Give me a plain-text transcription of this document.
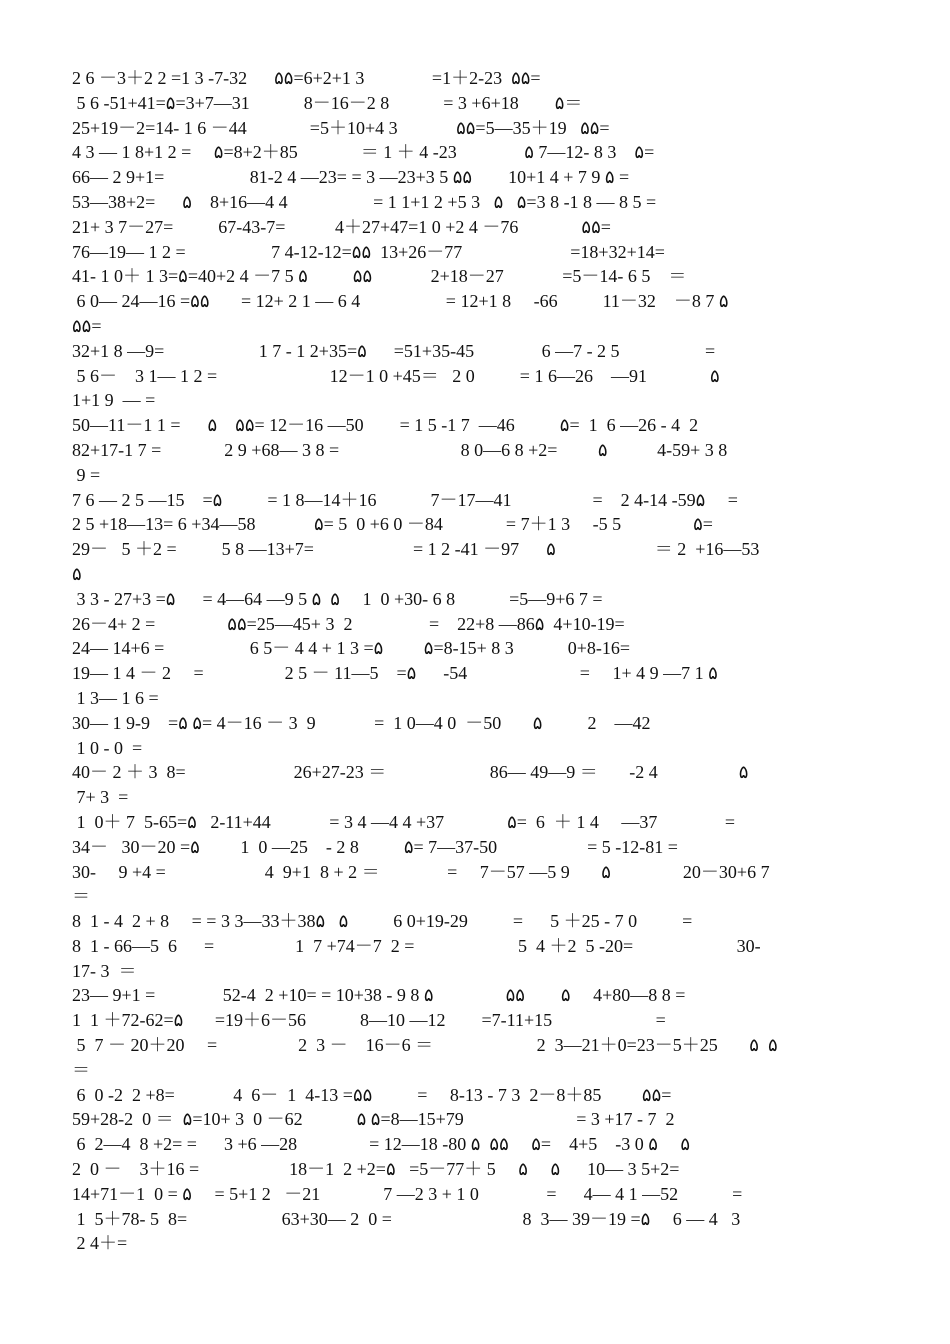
2 6 －3＋2 2 =1 3 -7-32      ۵۵=6+2+1 3               =1＋2-23  ۵۵=
5 6 -51+41=۵=3+7—31            8－16－2 8            = 3 +6+18        ۵＝
25+19－2=14- 1 6 －44              =5＋10+4 3             ۵۵=5—35＋19   ۵۵=
4 3 — 1 8+1 2 =     ۵=8+2＋85              ＝ 1 ＋ 4 -23               ۵ 7—12- 8 3    ۵=
66— 2 9+1=                   81-2 4 —23= = 3 —23+3 5 ۵۵        10+1 4 + 7 9 ۵ =
53—38+2=      ۵    8+16—4 4                   = 1 1+1 2 +5 3   ۵   ۵=3 8 -1 8 — 8 5 =
21+ 3 7－27=          67-43-7=           4＋27+47=1 0 +2 4 －76              ۵۵=
76—19— 1 2 =                   7 4-12-12=۵۵  13+26－77                        =18+32+14=
41- 1 0＋ 1 3=۵=40+2 4 －7 5 ۵          ۵۵             2+18－27             =5－14- 6 5    ＝
6 0— 24—16 =۵۵       = 12+ 2 1 — 6 4                   = 12+1 8     -66          11－32    －8 7 ۵
۵۵=
32+1 8 —9=                     1 7 - 1 2+35=۵      =51+35-45               6 —7 - 2 5                   =
5 6－    3 1— 1 2 =                         12－1 0 +45＝   2 0          = 1 6—26    —91              ۵
1+1 9  — =
50—11－1 1 =      ۵    ۵۵= 12－16 —50        = 1 5 -1 7  —46          ۵=  1  6 —26 - 4  2
82+17-1 7 =              2 9 +68— 3 8 =                           8 0—6 8 +2=         ۵           4-59+ 3 8
9 =
7 6 — 2 5 —15    =۵          = 1 8—14＋16            7－17—41                  =    2 4-14 -59۵     =
2 5 +18—13= 6 +34—58             ۵= 5  0 +6 0 －84              = 7＋1 3     -5 5                ۵=
29－   5 ＋2 =          5 8 —13+7=                      = 1 2 -41 －97      ۵                      ＝ 2  +16—53
۵
3 3 - 27+3 =۵      = 4—64 —9 5 ۵  ۵     1  0 +30- 6 8            =5—9+6 7 =
26－4+ 2 =                ۵۵=25—45+ 3  2                 =    22+8 —86۵  4+10-19=
24— 14+6 =                   6 5－ 4 4 + 1 3 =۵         ۵=8-15+ 8 3            0+8-16=
19— 1 4 － 2     =                  2 5 － 11—5    =۵      -54                         =     1+ 4 9 —7 1 ۵
1 3— 1 6 =
30— 1 9-9    =۵ ۵= 4－16 － 3  9             =  1 0—4 0  －50       ۵          2    —42
1 0 - 0  =
40－ 2 ＋ 3  8=                        26+27-23 ＝                       86— 49—9 ＝       -2 4                  ۵
7+ 3  =
1  0＋ 7  5-65=۵   2-11+44             = 3 4 —4 4 +37              ۵=  6  ＋ 1 4     —37               =
34－   30－20 =۵         1  0 —25    - 2 8          ۵= 7—37-50                    = 5 -12-81 =
30-     9 +4 =                      4  9+1  8 + 2 ＝               =     7－57 —5 9       ۵                20－30+6 7
＝
8  1 - 4  2 + 8     = = 3 3—33＋38۵   ۵          6 0+19-29          =      5 ＋25 - 7 0          =
8  1 - 66—5  6      =                  1  7 +74－7  2 =                       5  4 ＋2  5 -20=                       30-
17- 3  ＝
23— 9+1 =               52-4  2 +10= = 10+38 - 9 8 ۵                ۵۵        ۵     4+80—8 8 =
1  1 ＋72-62=۵       =19＋6－56            8—10 —12        =7-11+15                       =
5  7 － 20＋20     =                  2  3 －    16－6 ＝                       2  3—21＋0=23－5＋25       ۵  ۵
＝
6  0 -2  2 +8=             4  6－  1  4-13 =۵۵          =     8-13 - 7 3  2－8＋85         ۵۵=
59+28-2  0 ＝  ۵=10+ 3  0 －62            ۵ ۵=8—15+79                         = 3 +17 - 7  2
6  2—4  8 +2= =      3 +6 —28                = 12—18 -80 ۵  ۵۵     ۵=    4+5    -3 0 ۵     ۵
2  0 －    3＋16 =                    18－1  2 +2=۵   =5－77＋ 5     ۵     ۵      10— 3 5+2=
14+71－1  0 = ۵     = 5+1 2   －21              7 —2 3 + 1 0               =      4— 4 1 —52            =
1  5＋78- 5  8=                     63+30— 2  0 =                             8  3— 39－19 =۵     6 — 4   3
2 4＋=
